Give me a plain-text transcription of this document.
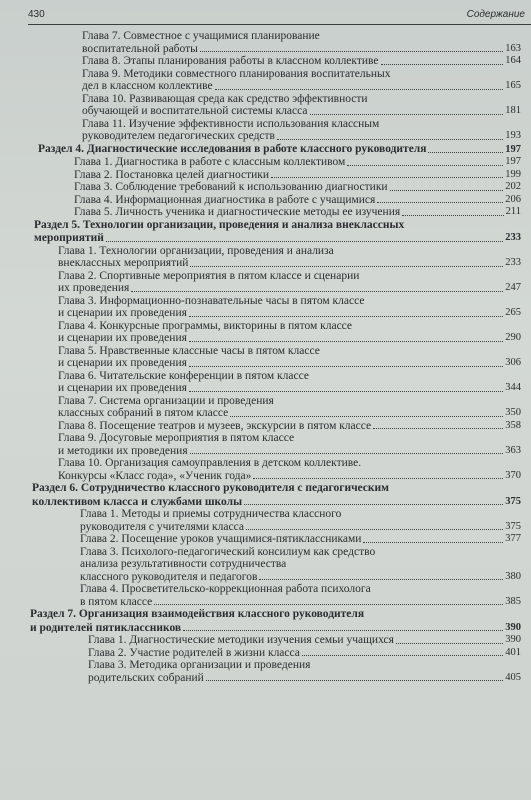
430	Содержание
Глава 7. Совместное с учащимися планирование
воспитательной работы	163
Глава 8. Этапы планирования работы в классном коллективе	164
Глава 9. Методики совместного планирования воспитательных
дел в классном коллективе	165
Глава 10. Развивающая среда как средство эффективности
обучающей и воспитательной системы класса	181
Глава 11. Изучение эффективности использования классным
руководителем педагогических средств	193
Раздел 4. Диагностические исследования в работе классного руководителя	197
Глава 1. Диагностика в работе с классным коллективом	197
Глава 2. Постановка целей диагностики	199
Глава 3. Соблюдение требований к использованию диагностики	202
Глава 4. Информационная диагностика в работе с учащимися	206
Глава 5. Личность ученика и диагностические методы ее изучения	211
Раздел 5. Технологии организации, проведения и анализа внеклассных
мероприятий	233
Глава 1. Технологии организации, проведения и анализа
внеклассных мероприятий	233
Глава 2. Спортивные мероприятия в пятом классе и сценарии
их проведения	247
Глава 3. Информационно-познавательные часы в пятом классе
и сценарии их проведения	265
Глава 4. Конкурсные программы, викторины в пятом классе
и сценарии их проведения	290
Глава 5. Нравственные классные часы в пятом классе
и сценарии их проведения	306
Глава 6. Читательские конференции в пятом классе
и сценарии их проведения	344
Глава 7. Система организации и проведения
классных собраний в пятом классе	350
Глава 8. Посещение театров и музеев, экскурсии в пятом классе	358
Глава 9. Досуговые мероприятия в пятом классе
и методики их проведения	363
Глава 10. Организация самоуправления в детском коллективе.
Конкурсы «Класс года», «Ученик года»	370
Раздел 6. Сотрудничество классного руководителя с педагогическим
коллективом класса и службами школы	375
Глава 1. Методы и приемы сотрудничества классного
руководителя с учителями класса	375
Глава 2. Посещение уроков учащимися-пятиклассниками	377
Глава 3. Психолого-педагогический консилиум как средство
анализа результативности сотрудничества
классного руководителя и педагогов	380
Глава 4. Просветительско-коррекционная работа психолога
в пятом классе	385
Раздел 7. Организация взаимодействия классного руководителя
и родителей пятиклассников	390
Глава 1. Диагностические методики изучения семьи учащихся	390
Глава 2. Участие родителей в жизни класса	401
Глава 3. Методика организации и проведения
родительских собраний	405
